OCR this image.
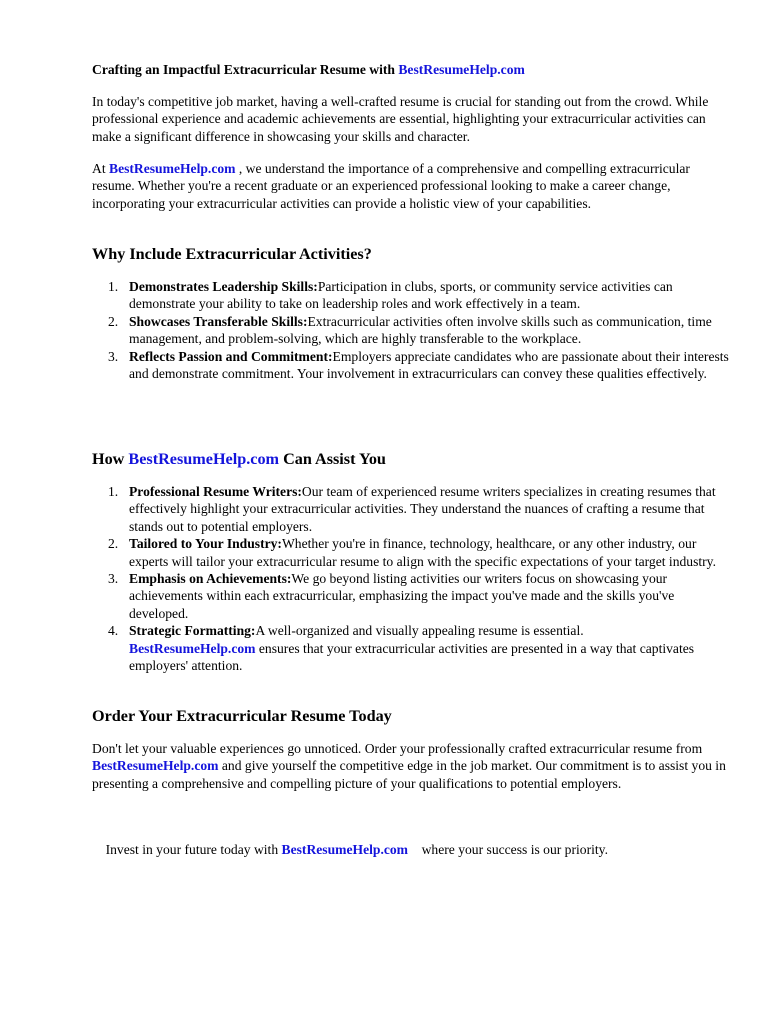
Crafting an Impactful Extracurricular Resume with BestResumeHelp.com
In today's competitive job market, having a well-crafted resume is crucial for standing out from the crowd. While professional experience and academic achievements are essential, highlighting your extracurricular activities can make a significant difference in showcasing your skills and character.
At BestResumeHelp.com , we understand the importance of a comprehensive and compelling extracurricular resume. Whether you're a recent graduate or an experienced professional looking to make a career change, incorporating your extracurricular activities can provide a holistic view of your capabilities.
Why Include Extracurricular Activities?
1. Demonstrates Leadership Skills:Participation in clubs, sports, or community service activities can demonstrate your ability to take on leadership roles and work effectively in a team.
2. Showcases Transferable Skills:Extracurricular activities often involve skills such as communication, time management, and problem-solving, which are highly transferable to the workplace.
3. Reflects Passion and Commitment:Employers appreciate candidates who are passionate about their interests and demonstrate commitment. Your involvement in extracurriculars can convey these qualities effectively.
How BestResumeHelp.com Can Assist You
1. Professional Resume Writers:Our team of experienced resume writers specializes in creating resumes that effectively highlight your extracurricular activities. They understand the nuances of crafting a resume that stands out to potential employers.
2. Tailored to Your Industry:Whether you're in finance, technology, healthcare, or any other industry, our experts will tailor your extracurricular resume to align with the specific expectations of your target industry.
3. Emphasis on Achievements:We go beyond listing activities our writers focus on showcasing your achievements within each extracurricular, emphasizing the impact you've made and the skills you've developed.
4. Strategic Formatting:A well-organized and visually appealing resume is essential.
BestResumeHelp.com ensures that your extracurricular activities are presented in a way that captivates employers' attention.
Order Your Extracurricular Resume Today
Don't let your valuable experiences go unnoticed. Order your professionally crafted extracurricular resume from BestResumeHelp.com and give yourself the competitive edge in the job market. Our commitment is to assist you in presenting a comprehensive and compelling picture of your qualifications to potential employers.

Invest in your future today with BestResumeHelp.com    where your success is our priority.
